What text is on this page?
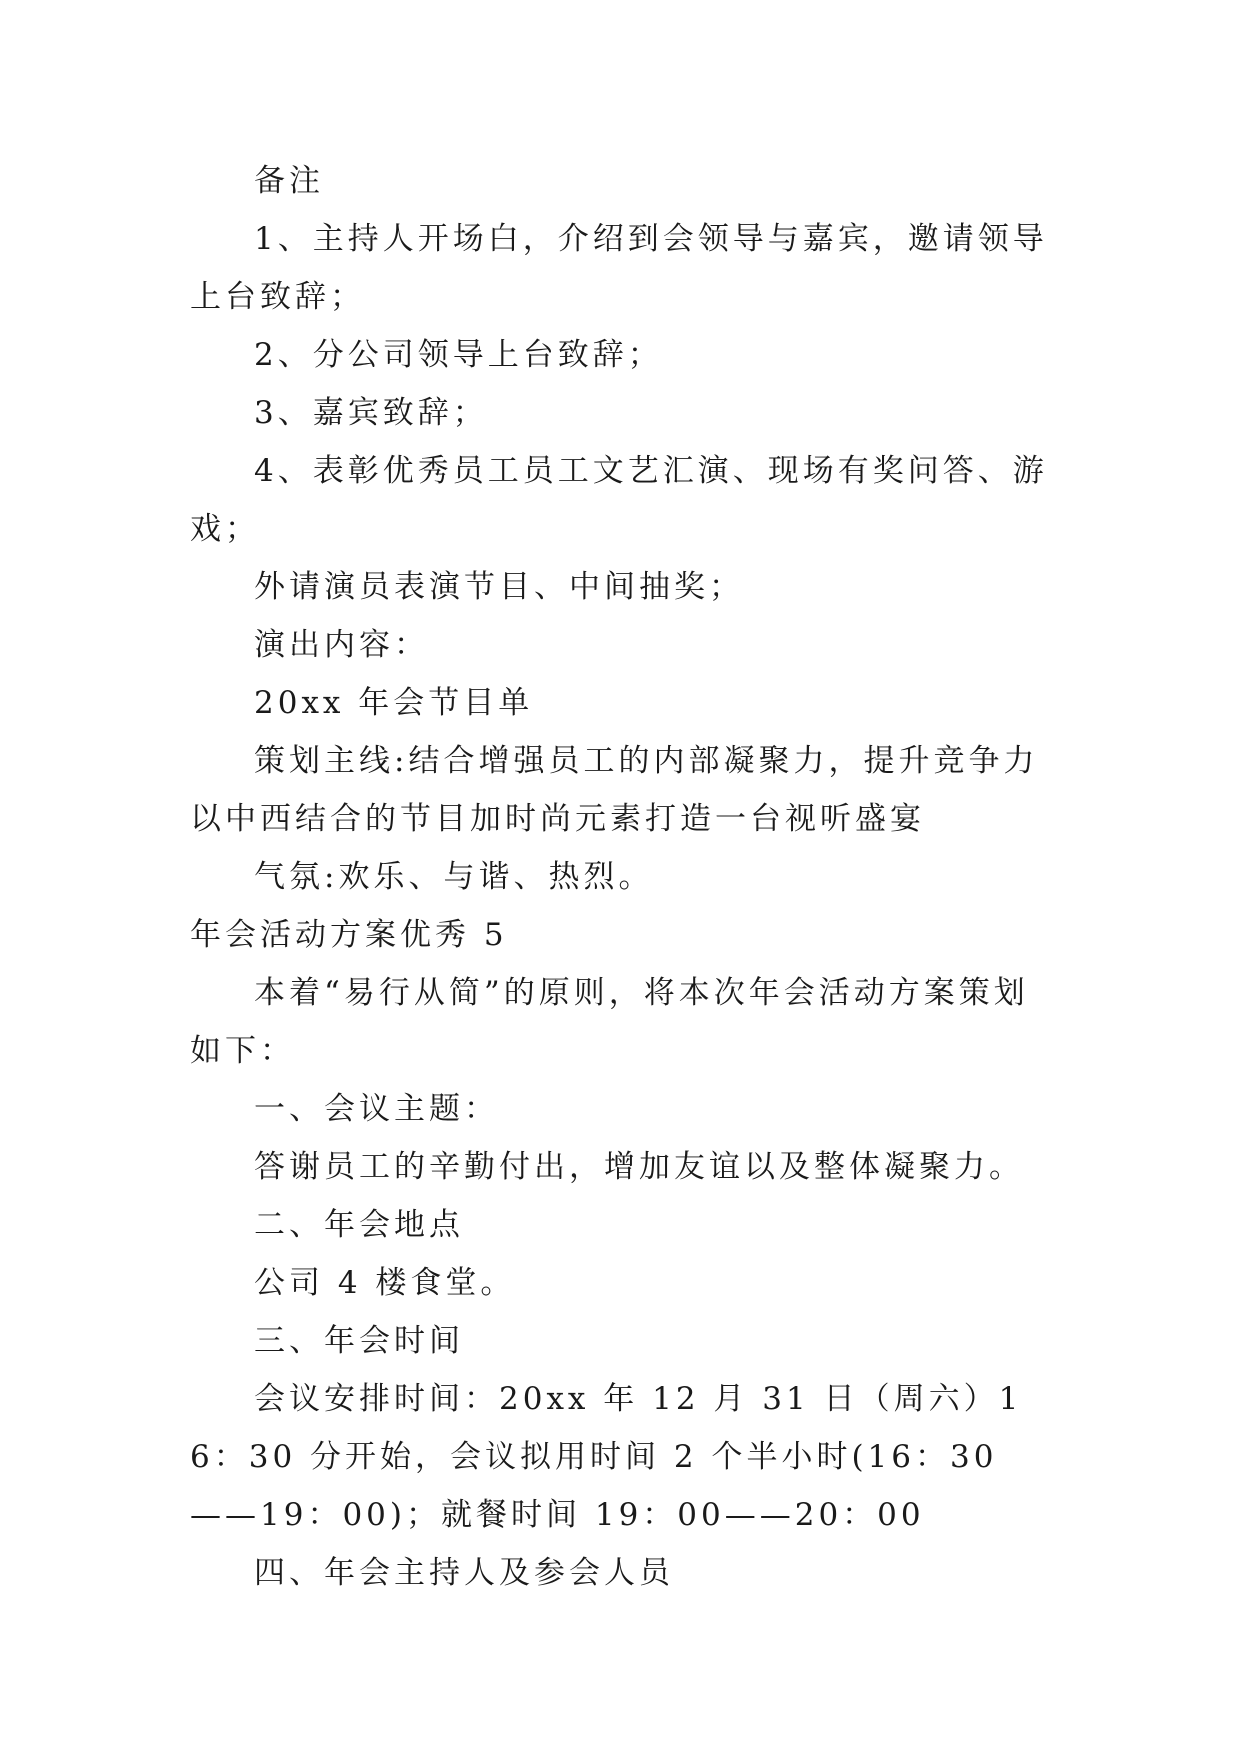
备注

1、主持人开场白，介绍到会领导与嘉宾，邀请领导上台致辞；

2、分公司领导上台致辞；

3、嘉宾致辞；

4、表彰优秀员工员工文艺汇演、现场有奖问答、游戏；

外请演员表演节目、中间抽奖；

演出内容：

20xx 年会节目单

策划主线:结合增强员工的内部凝聚力，提升竞争力以中西结合的节目加时尚元素打造一台视听盛宴

气氛:欢乐、与谐、热烈。

年会活动方案优秀 5

本着“易行从简”的原则，将本次年会活动方案策划如下：

一、会议主题：

答谢员工的辛勤付出，增加友谊以及整体凝聚力。

二、年会地点

公司 4 楼食堂。

三、年会时间

会议安排时间：20xx 年 12 月 31 日（周六）16：30 分开始，会议拟用时间 2 个半小时(16：30——19：00)；就餐时间 19：00——20：00

四、年会主持人及参会人员
